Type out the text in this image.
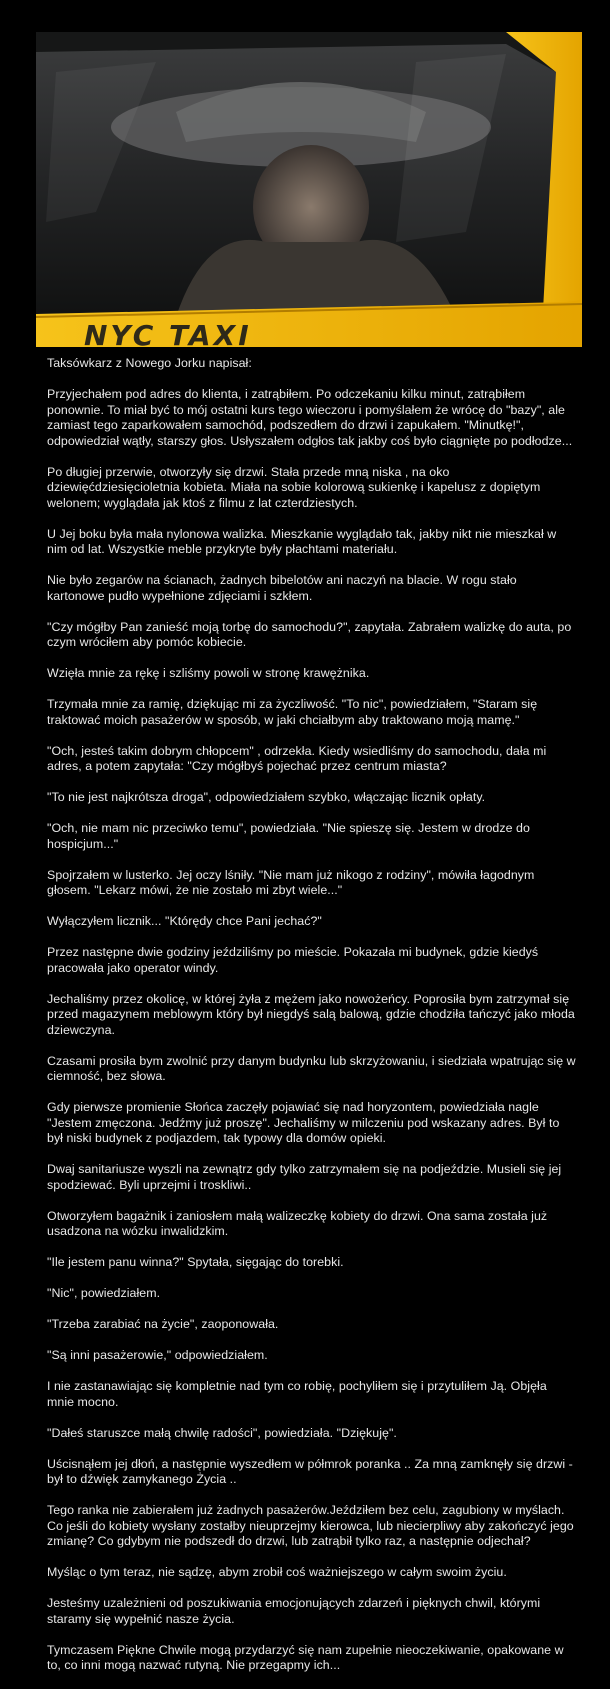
NYC TAXI

Taksówkarz z Nowego Jorku napisał:

Przyjechałem pod adres do klienta, i zatrąbiłem. Po odczekaniu kilku minut, zatrąbiłem ponownie. To miał być to mój ostatni kurs tego wieczoru i pomyślałem że wrócę do "bazy", ale zamiast tego zaparkowałem samochód, podszedłem do drzwi i zapukałem. "Minutkę!", odpowiedział wątły, starszy głos. Usłyszałem odgłos tak jakby coś było ciągnięte po podłodze...

Po długiej przerwie, otworzyły się drzwi. Stała przede mną niska , na oko dziewięćdziesięcioletnia kobieta. Miała na sobie kolorową sukienkę i kapelusz z dopiętym welonem; wyglądała jak ktoś z filmu z lat czterdziestych.

U Jej boku była mała nylonowa walizka. Mieszkanie wyglądało tak, jakby nikt nie mieszkał w nim od lat. Wszystkie meble przykryte były płachtami materiału.

Nie było zegarów na ścianach, żadnych bibelotów ani naczyń na blacie. W rogu stało kartonowe pudło wypełnione zdjęciami i szkłem.

"Czy mógłby Pan zanieść moją torbę do samochodu?", zapytała. Zabrałem walizkę do auta, po czym wróciłem aby pomóc kobiecie.

Wzięła mnie za rękę i szliśmy powoli w stronę krawężnika.

Trzymała mnie za ramię, dziękując mi za życzliwość. "To nic", powiedziałem, "Staram się traktować moich pasażerów w sposób, w jaki chciałbym aby traktowano moją mamę."

"Och, jesteś takim dobrym chłopcem" , odrzekła. Kiedy wsiedliśmy do samochodu, dała mi adres, a potem zapytała: "Czy mógłbyś pojechać przez centrum miasta?

"To nie jest najkrótsza droga", odpowiedziałem szybko, włączając licznik opłaty.

"Och, nie mam nic przeciwko temu", powiedziała. "Nie spieszę się. Jestem w drodze do hospicjum..."

Spojrzałem w lusterko. Jej oczy lśniły. "Nie mam już nikogo z rodziny", mówiła łagodnym głosem. "Lekarz mówi, że nie zostało mi zbyt wiele..."

Wyłączyłem licznik... "Którędy chce Pani jechać?"

Przez następne dwie godziny jeździliśmy po mieście. Pokazała mi budynek, gdzie kiedyś pracowała jako operator windy.

Jechaliśmy przez okolicę, w której żyła z mężem jako nowożeńcy. Poprosiła bym zatrzymał się przed magazynem meblowym który był niegdyś salą balową, gdzie chodziła tańczyć jako młoda dziewczyna.

Czasami prosiła bym zwolnić przy danym budynku lub skrzyżowaniu, i siedziała wpatrując się w ciemność, bez słowa.

Gdy pierwsze promienie Słońca zaczęły pojawiać się nad horyzontem, powiedziała nagle "Jestem zmęczona. Jedźmy już proszę". Jechaliśmy w milczeniu pod wskazany adres. Był to był niski budynek z podjazdem, tak typowy dla domów opieki.

Dwaj sanitariusze wyszli na zewnątrz gdy tylko zatrzymałem się na podjeździe. Musieli się jej spodziewać. Byli uprzejmi i troskliwi..

Otworzyłem bagażnik i zaniosłem małą walizeczkę kobiety do drzwi. Ona sama została już usadzona na wózku inwalidzkim.

"Ile jestem panu winna?" Spytała, sięgając do torebki.

"Nic", powiedziałem.

"Trzeba zarabiać na życie", zaoponowała.

"Są inni pasażerowie," odpowiedziałem.

I nie zastanawiając się kompletnie nad tym co robię, pochyliłem się i przytuliłem Ją. Objęła mnie mocno.

"Dałeś staruszce małą chwilę radości", powiedziała. "Dziękuję".

Uścisnąłem jej dłoń, a następnie wyszedłem w półmrok poranka .. Za mną zamknęły się drzwi - był to dźwięk zamykanego Życia ..

Tego ranka nie zabierałem już żadnych pasażerów.Jeździłem bez celu, zagubiony w myślach. Co jeśli do kobiety wysłany zostałby nieuprzejmy kierowca, lub niecierpliwy aby zakończyć jego zmianę? Co gdybym nie podszedł do drzwi, lub zatrąbił tylko raz, a następnie odjechał?

Myśląc o tym teraz, nie sądzę, abym zrobił coś ważniejszego w całym swoim życiu.

Jesteśmy uzależnieni od poszukiwania emocjonujących zdarzeń i pięknych chwil, którymi staramy się wypełnić nasze życia.

Tymczasem Piękne Chwile mogą przydarzyć się nam zupełnie nieoczekiwanie, opakowane w to, co inni mogą nazwać rutyną. Nie przegapmy ich...
